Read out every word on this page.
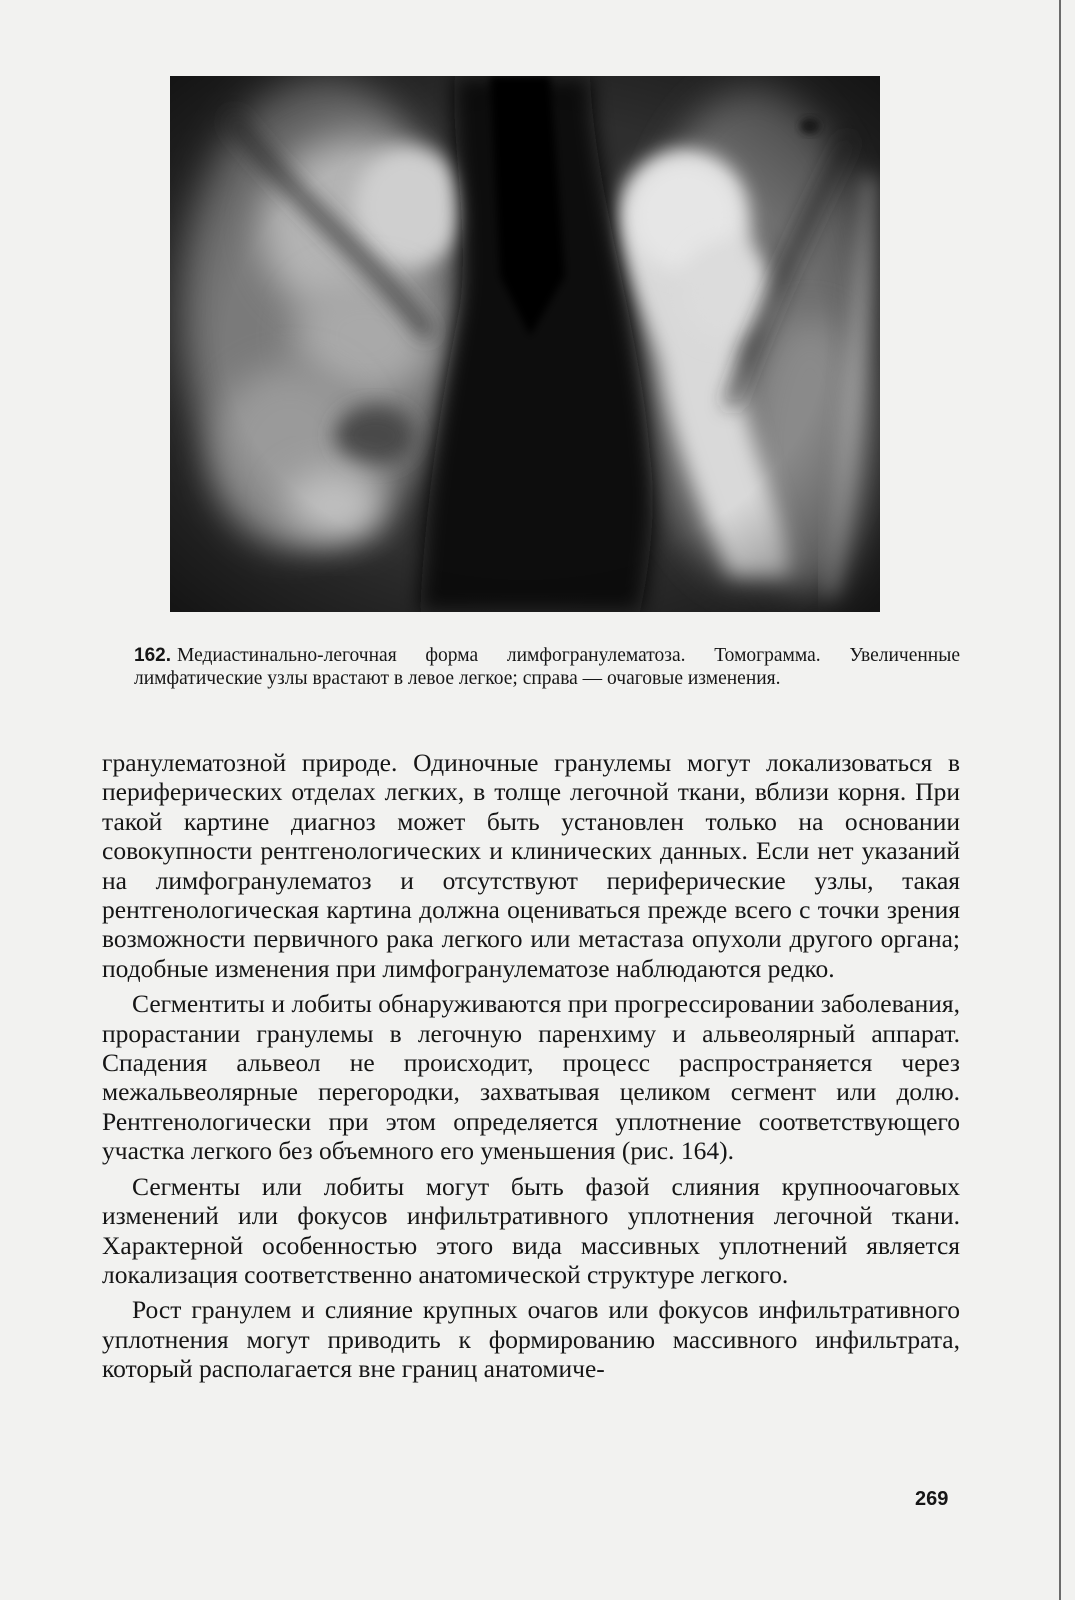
162. Медиастинально-легочная форма лимфогранулематоза. Томограмма. Увеличенные лимфатические узлы врастают в левое легкое; справа — очаговые изменения.

гранулематозной природе. Одиночные гранулемы могут локализоваться в периферических отделах легких, в толще легочной ткани, вблизи корня. При такой картине диагноз может быть установлен только на основании совокупности рентгенологических и клинических данных. Если нет указаний на лимфогранулематоз и отсутствуют периферические узлы, такая рентгенологическая картина должна оцениваться прежде всего с точки зрения возможности первичного рака легкого или метастаза опухоли другого органа; подобные изменения при лимфогранулематозе наблюдаются редко.

Сегментиты и лобиты обнаруживаются при прогрессировании заболевания, прорастании гранулемы в легочную паренхиму и альвеолярный аппарат. Спадения альвеол не происходит, процесс распространяется через межальвеолярные перегородки, захватывая целиком сегмент или долю. Рентгенологически при этом определяется уплотнение соответствующего участка легкого без объемного его уменьшения (рис. 164).

Сегменты или лобиты могут быть фазой слияния крупноочаговых изменений или фокусов инфильтративного уплотнения легочной ткани. Характерной особенностью этого вида массивных уплотнений является локализация соответственно анатомической структуре легкого.

Рост гранулем и слияние крупных очагов или фокусов инфильтративного уплотнения могут приводить к формированию массивного инфильтрата, который располагается вне границ анатомиче-

269
